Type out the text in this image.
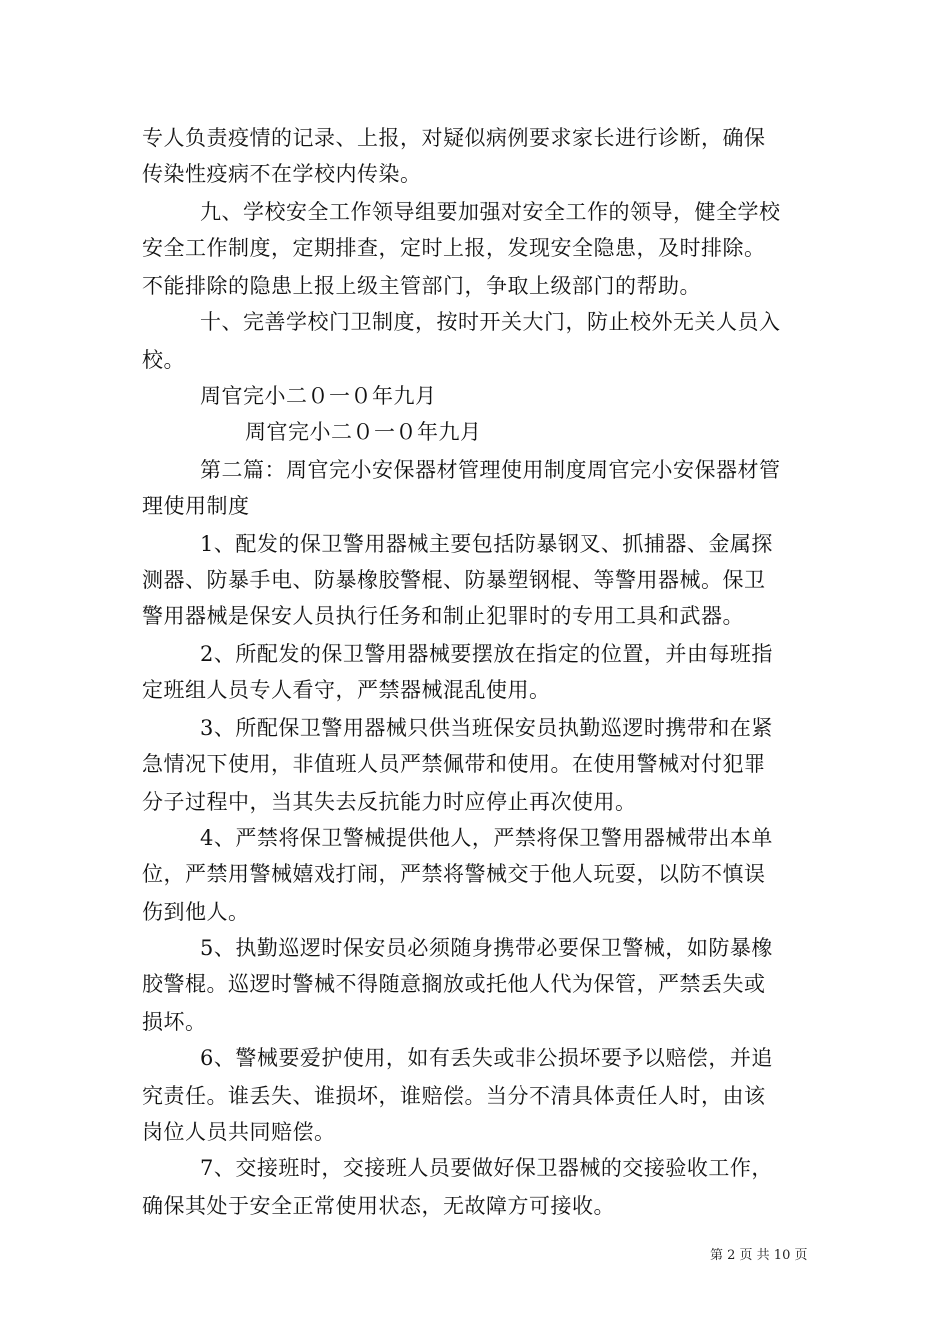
专人负责疫情的记录、上报，对疑似病例要求家长进行诊断，确保
传染性疫病不在学校内传染。
九、学校安全工作领导组要加强对安全工作的领导，健全学校
安全工作制度，定期排查，定时上报，发现安全隐患，及时排除。
不能排除的隐患上报上级主管部门，争取上级部门的帮助。
十、完善学校门卫制度，按时开关大门，防止校外无关人员入
校。
周官完小二０一０年九月
周官完小二０一０年九月
第二篇：周官完小安保器材管理使用制度周官完小安保器材管
理使用制度
1、配发的保卫警用器械主要包括防暴钢叉、抓捕器、金属探
测器、防暴手电、防暴橡胶警棍、防暴塑钢棍、等警用器械。保卫
警用器械是保安人员执行任务和制止犯罪时的专用工具和武器。
2、所配发的保卫警用器械要摆放在指定的位置，并由每班指
定班组人员专人看守，严禁器械混乱使用。
3、所配保卫警用器械只供当班保安员执勤巡逻时携带和在紧
急情况下使用，非值班人员严禁佩带和使用。在使用警械对付犯罪
分子过程中，当其失去反抗能力时应停止再次使用。
4、严禁将保卫警械提供他人，严禁将保卫警用器械带出本单
位，严禁用警械嬉戏打闹，严禁将警械交于他人玩耍，以防不慎误
伤到他人。
5、执勤巡逻时保安员必须随身携带必要保卫警械，如防暴橡
胶警棍。巡逻时警械不得随意搁放或托他人代为保管，严禁丢失或
损坏。
6、警械要爱护使用，如有丢失或非公损坏要予以赔偿，并追
究责任。谁丢失、谁损坏，谁赔偿。当分不清具体责任人时，由该
岗位人员共同赔偿。
7、交接班时，交接班人员要做好保卫器械的交接验收工作，
确保其处于安全正常使用状态，无故障方可接收。
第 2 页 共 10 页
